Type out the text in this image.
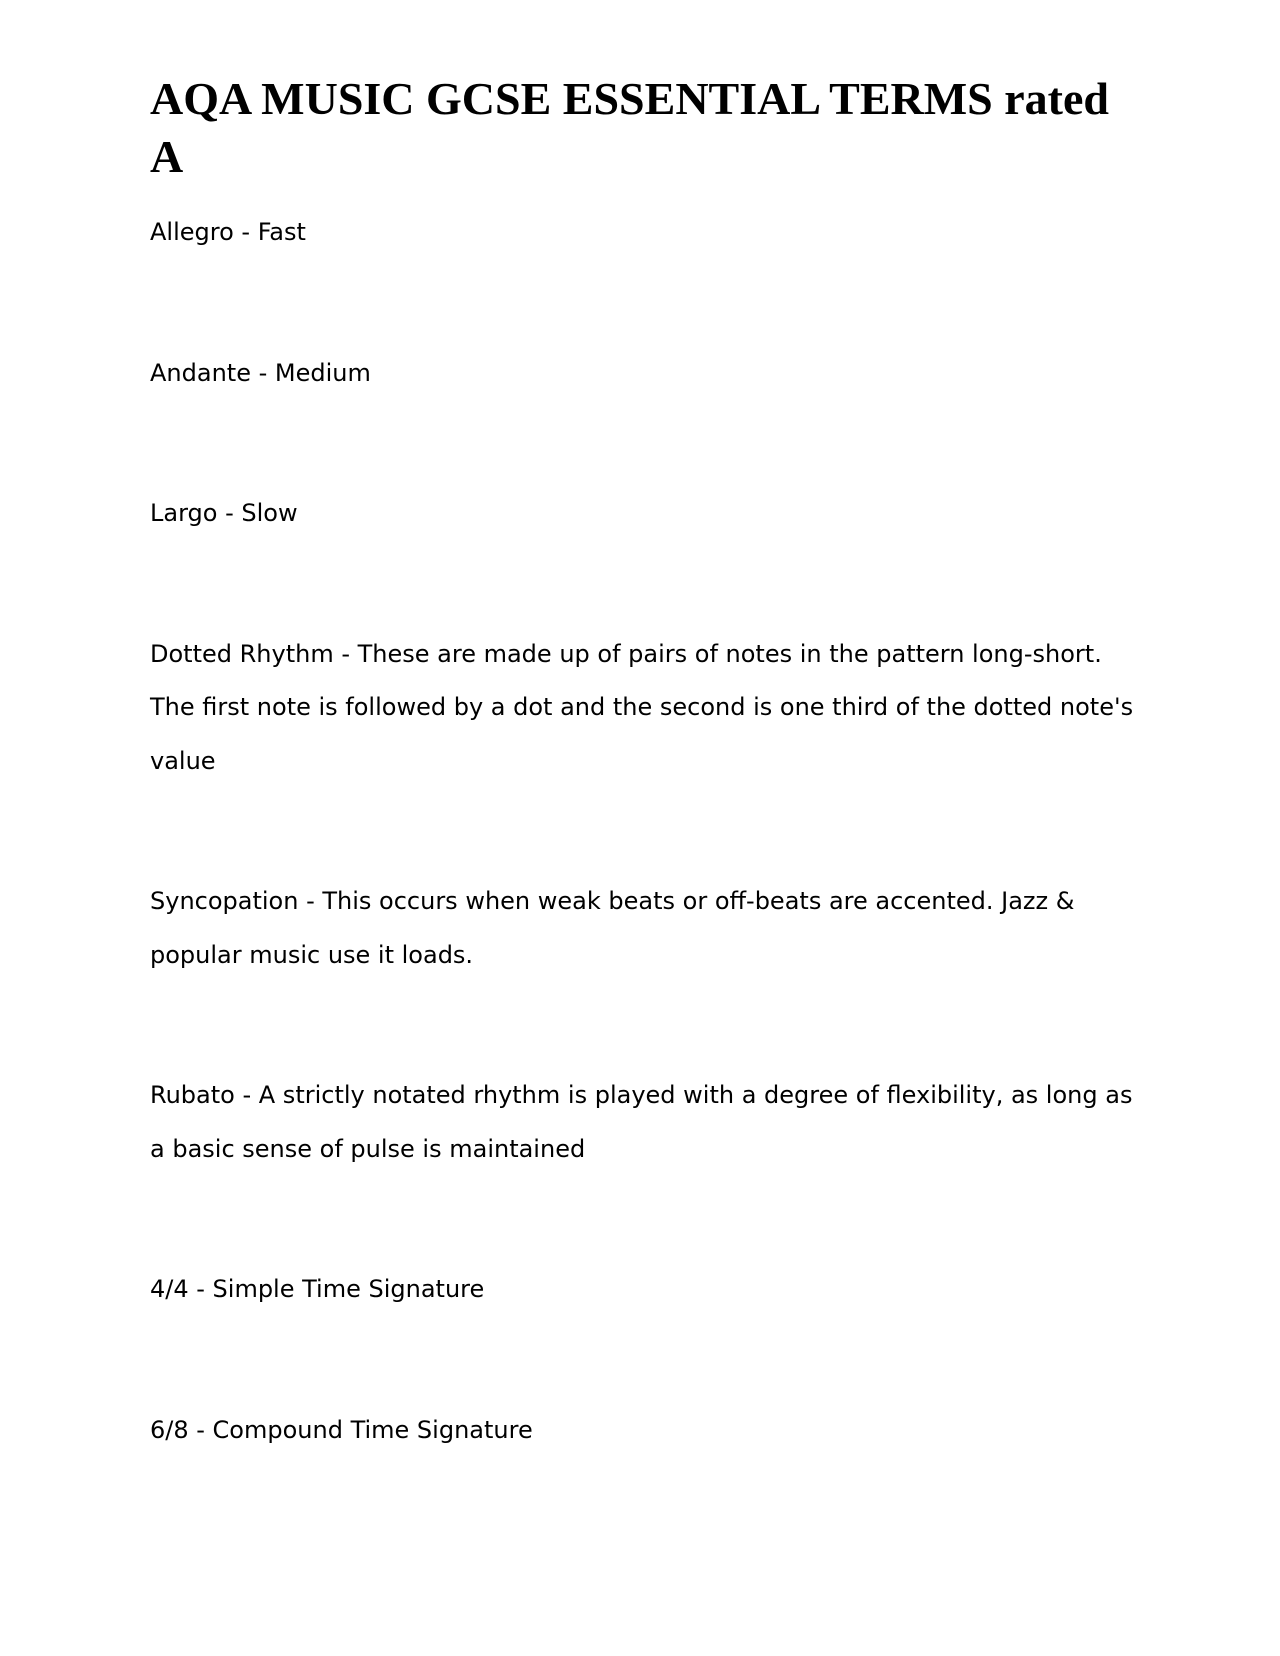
AQA MUSIC GCSE ESSENTIAL TERMS rated A

Allegro - Fast

Andante - Medium

Largo - Slow

Dotted Rhythm - These are made up of pairs of notes in the pattern long-short. The first note is followed by a dot and the second is one third of the dotted note's value

Syncopation - This occurs when weak beats or off-beats are accented. Jazz & popular music use it loads.

Rubato - A strictly notated rhythm is played with a degree of flexibility, as long as a basic sense of pulse is maintained

4/4 - Simple Time Signature

6/8 - Compound Time Signature
